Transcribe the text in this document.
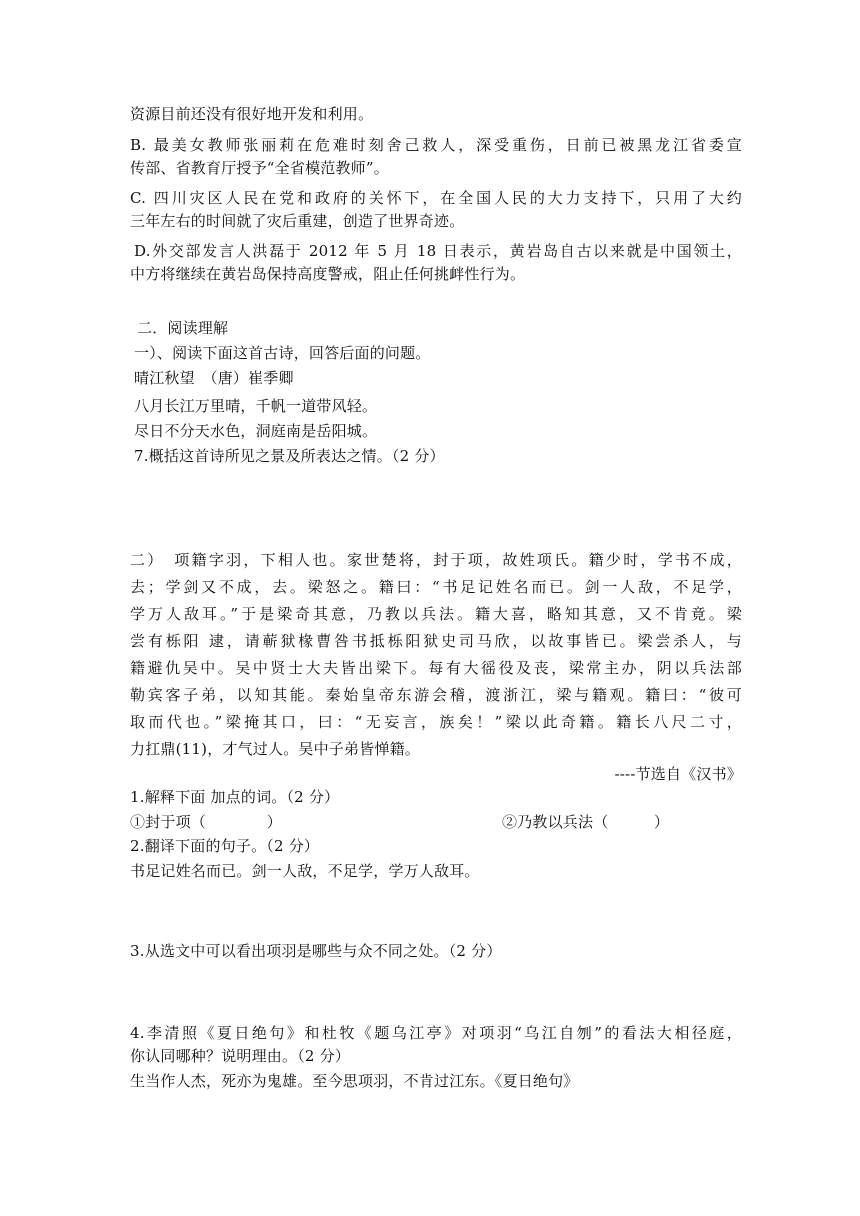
资源目前还没有很好地开发和利用。
B. 最美女教师张丽莉在危难时刻舍己救人，深受重伤，日前已被黑龙江省委宣
传部、省教育厅授予“全省模范教师”。
C. 四川灾区人民在党和政府的关怀下，在全国人民的大力支持下，只用了大约
三年左右的时间就了灾后重建，创造了世界奇迹。
D.外交部发言人洪磊于 2012 年 5 月 18 日表示，黄岩岛自古以来就是中国领土，
中方将继续在黄岩岛保持高度警戒，阻止任何挑衅性行为。
二．阅读理解
一）、阅读下面这首古诗，回答后面的问题。
晴江秋望　（唐）崔季卿
八月长江万里晴，千帆一道带风轻。
尽日不分天水色，洞庭南是岳阳城。
7.概括这首诗所见之景及所表达之情。（2 分）
二）　项籍字羽，下相人也。家世楚将，封于项，故姓项氏。籍少时，学书不成，
去；学剑又不成，去。梁怒之。籍曰：“书足记姓名而已。剑一人敌，不足学，
学万人敌耳。”于是梁奇其意，乃教以兵法。籍大喜，略知其意，又不肯竟。梁
尝有栎阳 逮，请蕲狱椽曹咎书抵栎阳狱史司马欣，以故事皆已。梁尝杀人，与
籍避仇吴中。吴中贤士大夫皆出梁下。每有大徭役及丧，梁常主办，阴以兵法部
勒宾客子弟，以知其能。秦始皇帝东游会稽，渡浙江，梁与籍观。籍曰：“彼可
取而代也。”梁掩其口，曰：“无妄言，族矣！”梁以此奇籍。籍长八尺二寸，
力扛鼎(11)，才气过人。吴中子弟皆惮籍。
----节选自《汉书》
1.解释下面 加点的词。（2 分）
①封于项（　　　　）	②乃教以兵法（　　　）
2.翻译下面的句子。（2 分）
书足记姓名而已。剑一人敌，不足学，学万人敌耳。
3.从选文中可以看出项羽是哪些与众不同之处。（2 分）
4.李清照《夏日绝句》和杜牧《题乌江亭》对项羽“乌江自刎”的看法大相径庭，
你认同哪种？说明理由。（2 分）
生当作人杰，死亦为鬼雄。至今思项羽，不肯过江东。《夏日绝句》
